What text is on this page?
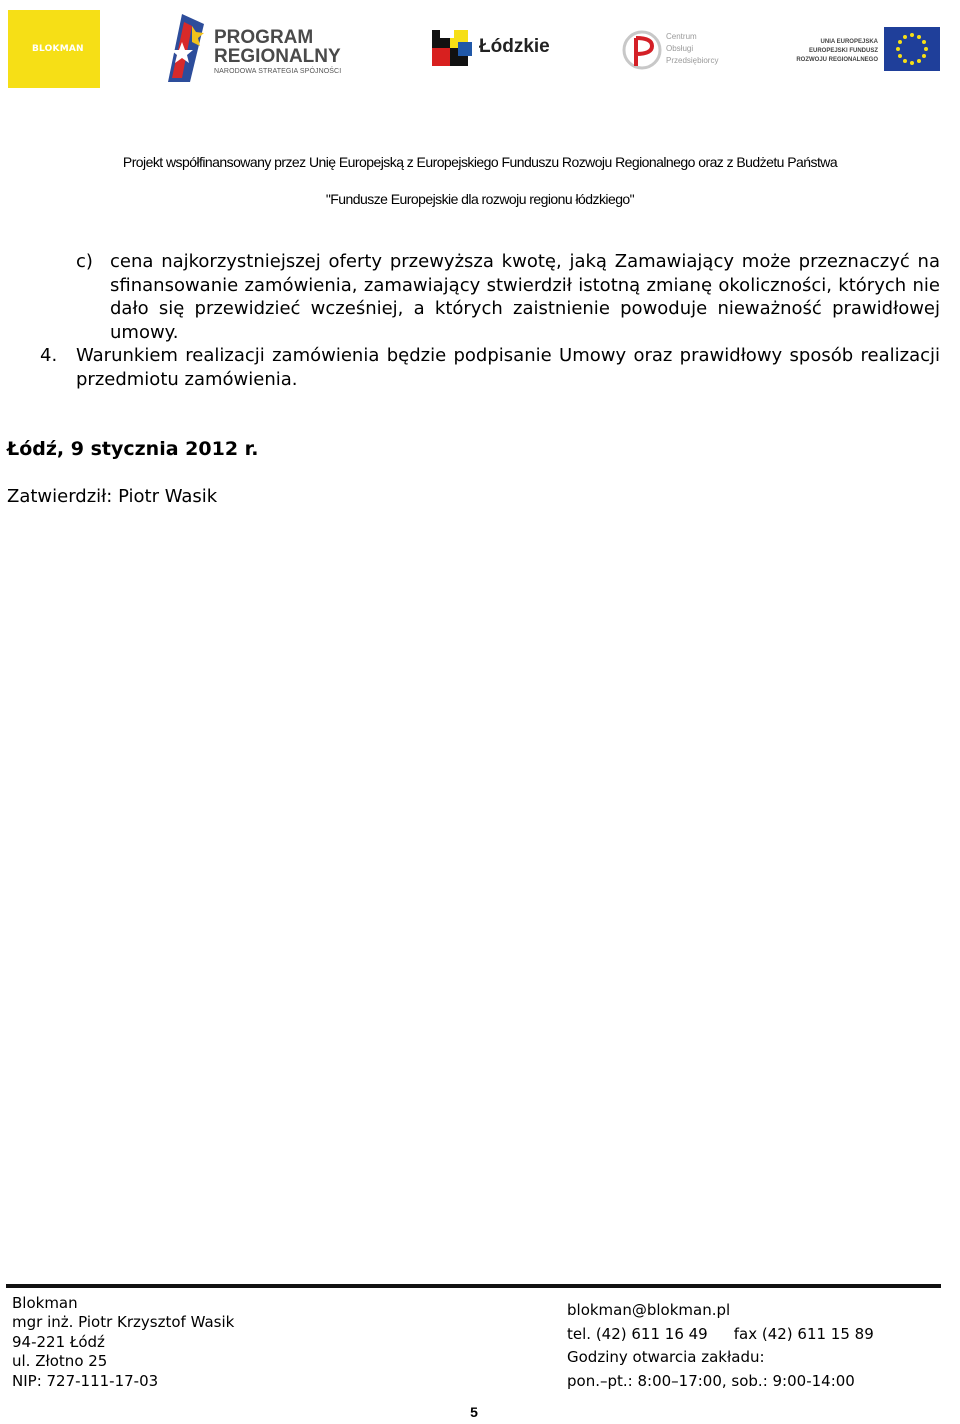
BLOKMAN
PROGRAM
REGIONALNY
NARODOWA STRATEGIA SPÓJNOŚCI
Łódzkie	Centrum
Obsługi
Przedsiębiorcy
UNIA EUROPEJSKA
EUROPEJSKI FUNDUSZ
ROZWOJU REGIONALNEGO
Projekt współfinansowany przez Unię Europejską z Europejskiego Funduszu Rozwoju Regionalnego oraz z Budżetu Państwa
"Fundusze Europejskie dla rozwoju regionu łódzkiego"
c) cena najkorzystniejszej oferty przewyższa kwotę, jaką Zamawiający może przeznaczyć na sfinansowanie zamówienia, zamawiający stwierdził istotną zmianę okoliczności, których nie dało się przewidzieć wcześniej, a których zaistnienie powoduje nieważność prawidłowej umowy.
4. Warunkiem realizacji zamówienia będzie podpisanie Umowy oraz prawidłowy sposób realizacji przedmiotu zamówienia.
Łódź, 9 stycznia 2012 r.
Zatwierdził: Piotr Wasik
Blokman
mgr inż. Piotr Krzysztof Wasik
94-221 Łódź
ul. Złotno 25
NIP: 727-111-17-03
blokman@blokman.pl
tel. (42) 611 16 49 fax (42) 611 15 89
Godziny otwarcia zakładu:
pon.–pt.: 8:00–17:00, sob.: 9:00-14:00
5
